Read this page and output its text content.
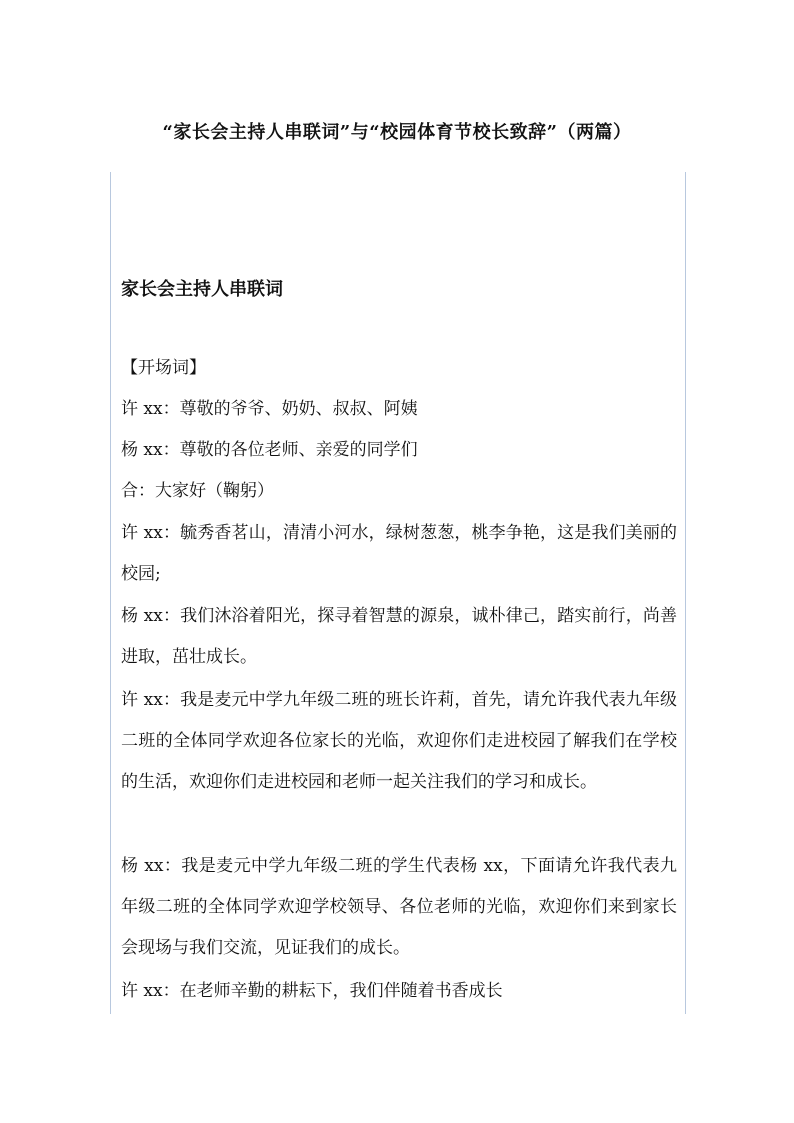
“家长会主持人串联词”与“校园体育节校长致辞”（两篇）
家长会主持人串联词
【开场词】
许 xx：尊敬的爷爷、奶奶、叔叔、阿姨
杨 xx：尊敬的各位老师、亲爱的同学们
合：大家好（鞠躬）
许 xx：毓秀香茗山，清清小河水，绿树葱葱，桃李争艳，这是我们美丽的校园;
杨 xx：我们沐浴着阳光，探寻着智慧的源泉，诚朴律己，踏实前行，尚善进取，茁壮成长。
许 xx：我是麦元中学九年级二班的班长许莉，首先，请允许我代表九年级二班的全体同学欢迎各位家长的光临，欢迎你们走进校园了解我们在学校的生活，欢迎你们走进校园和老师一起关注我们的学习和成长。
杨 xx：我是麦元中学九年级二班的学生代表杨 xx，下面请允许我代表九年级二班的全体同学欢迎学校领导、各位老师的光临，欢迎你们来到家长会现场与我们交流，见证我们的成长。
许 xx：在老师辛勤的耕耘下，我们伴随着书香成长
